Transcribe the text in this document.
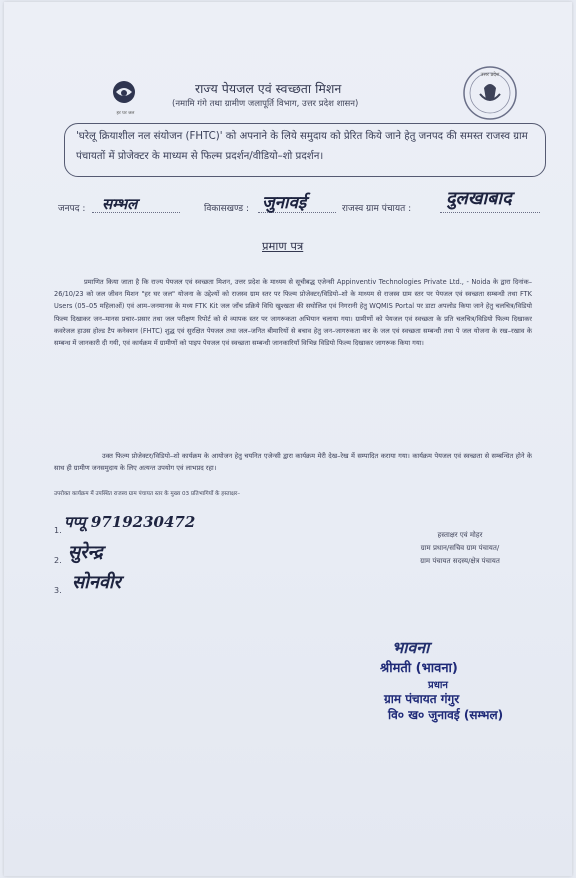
हर घर जल
उत्तर प्रदेश
राज्य पेयजल एवं स्वच्छता मिशन
(नमामि गंगे तथा ग्रामीण जलापूर्ति विभाग, उत्तर प्रदेश शासन)
'घरेलू क्रियाशील नल संयोजन (FHTC)' को अपनाने के लिये समुदाय को प्रेरित किये जाने हेतु जनपद की समस्त राजस्व ग्राम पंचायतों में प्रोजेक्टर के माध्यम से फिल्म प्रदर्शन/वीडियो–शो प्रदर्शन।
जनपद : सम्भल	विकासखण्ड : जुनावई	राजस्व ग्राम पंचायत : दुलखाबाद
प्रमाण पत्र
प्रमाणित किया जाता है कि राज्य पेयजल एवं स्वच्छता मिशन, उत्तर प्रदेश के माध्यम से सूचीबद्ध एजेन्सी Appinventiv Technologies Private Ltd., - Noida के द्वारा दिनांक– 26/10/23 को जल जीवन मिशन "हर घर जल" योजना के उद्देश्यों को राजस्व ग्राम स्तर पर फिल्म प्रोजेक्टर/विडियो–शो के माध्यम से राजस्व ग्राम स्तर पर पेयजल एवं स्वच्छता सम्बन्धी तथा FTK Users (05–05 महिलाओं) एवं आम–जनमानस के मध्य FTK Kit जल जाँच प्रक्रिये विधि खुश्खता की सघोलिश एवं निगरानी हेतु WQMIS Portal पर डाटा अपलोड किया जाने हेतु चलचित्र/विडियो फिल्म दिखाकर जन–मानस प्रचार–प्रसार तथा जल परीक्षण रिपोर्ट को से व्यापक स्तर पर जागरूकता अभियान चलाया गया। ग्रामीणों को पेयजल एवं स्वच्छता के प्रति चलचित्र/विडियो फिल्म दिखाकर कवरेजल हाउस होल्ड टैप कनेक्शन (FHTC) शुद्ध एवं सुरक्षित पेयजल तथा जल–जनित बीमारियों से बचाव हेतु जन–जागरुकता कर के जल एवं स्वच्छता सम्बन्धी तथा पे जल योजना के रख–रखाव के सम्बन्ध में जानकारी दी गयी, एवं कार्यक्रम में ग्रामीणों को पाइप पेयजल एवं स्वच्छता सम्बन्धी जानकारियाँ विभिन्न विडियो फिल्म दिखाकर जागरूक किया गया।
उक्त फिल्म प्रोजेक्टर/विडियो–शो कार्यक्रम के आयोजन हेतु चयनित एजेन्सी द्वारा कार्यक्रम मेरी देख–रेख में सम्पादित कराया गया। कार्यक्रम पेयजल एवं स्वच्छता से सम्बन्धित होने के साथ ही ग्रामीण जनसमुदाय के लिए अत्यन्त उपयोग एवं लाभप्रद रहा।
उपरोक्त कार्यक्रम में उपस्थित राजस्व ग्राम पंचायत स्तर के मुख्य 03 प्रतिभागियों के हस्ताक्षर–
1. पप्पू 9719230472
2. सुरेन्द्र
3. सोनवीर
हस्ताक्षर एवं मोहर
ग्राम प्रधान/सचिव ग्राम पंचायत/
ग्राम पंचायत सदस्य/क्षेत्र पंचायत
भावना
श्रीमती (भावना)
प्रधान
ग्राम पंचायत गंगुर
वि० ख० जुनावई (सम्भल)
